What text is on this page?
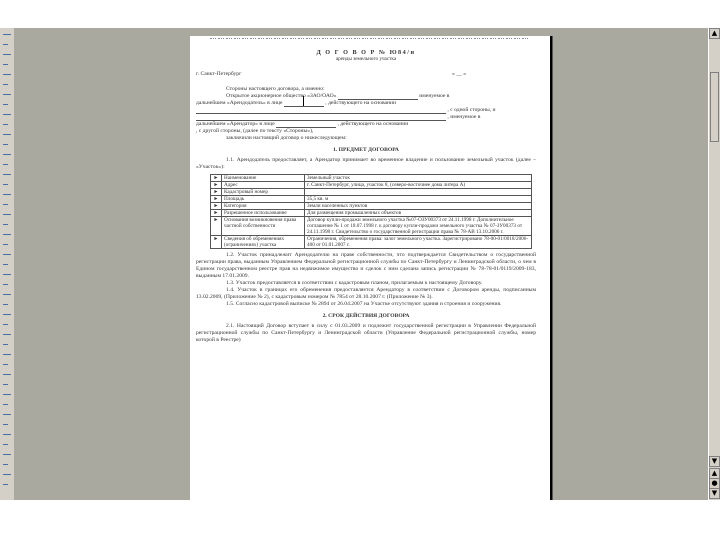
Д О Г О В О Р № Ю84/н
аренды земельного участка
г. Санкт-Петербург	« __ »

Стороны настоящего договора, а именно:

Открытое акционерное общество «ЗАО/ОАО»	именуемое в

дальнейшем «Арендодатель» в лице	, действующего на основании

, с одной стороны, и

, именуемое в

дальнейшем «Арендатор» в лице	, действующего на основании

, с другой стороны, (далее по тексту «Стороны»),

заключили настоящий договор о нижеследующем:

1. ПРЕДМЕТ ДОГОВОРА

1.1. Арендодатель предоставляет, а Арендатор принимает во временное владение и пользование земельный участок (далее – «Участок»):

►	Наименование	Земельный участок
►	Адрес	г. Санкт-Петербург, улица, участок 8, (северо-восточнее дома литера А)
►	Кадастровый номер	
►	Площадь	35,5 кв. м
►	Категория	Земли населенных пунктов
►	Разрешенное использование	Для размещения промышленных объектов
►	Основания возникновения права частной собственности	Договор купли-продажи земельного участка №07-ОЗУ00373 от 24.11.1998 г. Дополнительное соглашение № 1 от 18.07.1998 г. к договору купли-продажи земельного участка № 07-ЗУ00373 от 24.11.1998 г. Свидетельство о государственной регистрации права № 78-АВ 13.10.2006 г.
►	Сведения об обременениях (ограничениях) участка	Ограничения, обременения права: залог земельного участка. Зарегистрировано 78-00-01/0018/2006-400 от 01.01.2007 г.

1.2. Участок принадлежит Арендодателю на праве собственности, что подтверждается Свидетельством о государственной регистрации права, выданным Управлением Федеральной регистрационной службы по Санкт-Петербургу и Ленинградской области, о чем в Едином государственном реестре прав на недвижимое имущество и сделок с ним сделана запись регистрации № 78-78-01/0119/2009-183, выданным 17.01.2009.

1.3. Участок предоставляется в соответствии с кадастровым планом, прилагаемым к настоящему Договору.

1.4. Участок в границах его обременения предоставляется Арендатору в соответствии с Договором аренды, подписанным 13.02.2009, (Приложение № 2), с кадастровым номером № 7854 от 28.10.2007 г. (Приложение № 3).

1.5. Согласно кадастровой выписке № 2894 от 26.04.2007 на Участке отсутствуют здания и строения и сооружения.

2. СРОК ДЕЙСТВИЯ ДОГОВОРА

2.1. Настоящий Договор вступает в силу с 01.03.2009 и подлежит государственной регистрации в Управлении Федеральной регистрационной службы по Санкт-Петербургу и Ленинградской области (Управление Федеральной регистрационной службы, номер которой в Реестре)

▲
▼
▲
●
▼
